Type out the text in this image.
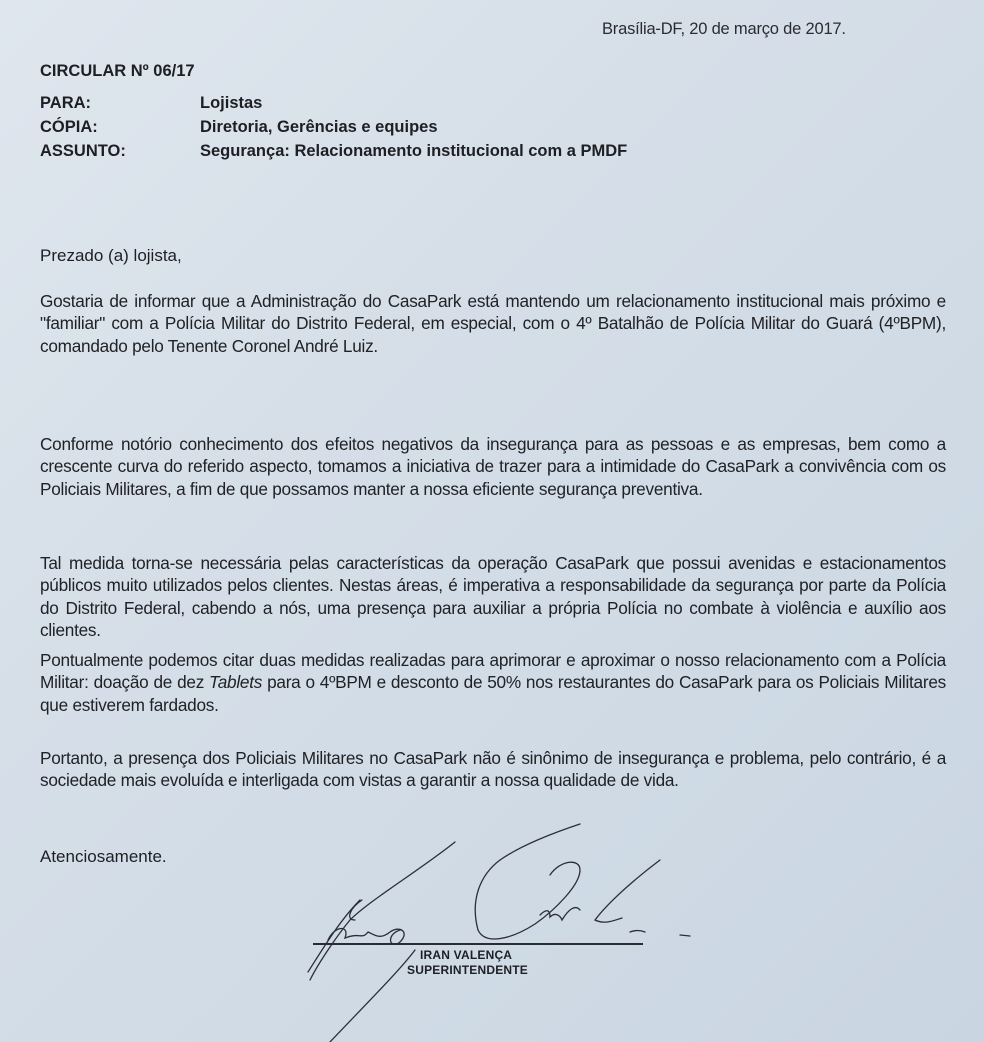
Brasília-DF, 20 de março de 2017.
CIRCULAR Nº 06/17
PARA:	Lojistas
CÓPIA:	Diretoria, Gerências e equipes
ASSUNTO:	Segurança: Relacionamento institucional com a PMDF
Prezado (a) lojista,

Gostaria de informar que a Administração do CasaPark está mantendo um relacionamento institucional mais próximo e "familiar" com a Polícia Militar do Distrito Federal, em especial, com o 4º Batalhão de Polícia Militar do Guará (4ºBPM), comandado pelo Tenente Coronel André Luiz.

Conforme notório conhecimento dos efeitos negativos da insegurança para as pessoas e as empresas, bem como a crescente curva do referido aspecto, tomamos a iniciativa de trazer para a intimidade do CasaPark a convivência com os Policiais Militares, a fim de que possamos manter a nossa eficiente segurança preventiva.

Tal medida torna-se necessária pelas características da operação CasaPark que possui avenidas e estacionamentos públicos muito utilizados pelos clientes. Nestas áreas, é imperativa a responsabilidade da segurança por parte da Polícia do Distrito Federal, cabendo a nós, uma presença para auxiliar a própria Polícia no combate à violência e auxílio aos clientes.

Pontualmente podemos citar duas medidas realizadas para aprimorar e aproximar o nosso relacionamento com a Polícia Militar: doação de dez Tablets para o 4ºBPM e desconto de 50% nos restaurantes do CasaPark para os Policiais Militares que estiverem fardados.

Portanto, a presença dos Policiais Militares no CasaPark não é sinônimo de insegurança e problema, pelo contrário, é a sociedade mais evoluída e interligada com vistas a garantir a nossa qualidade de vida.

Atenciosamente.
IRAN VALENÇA
SUPERINTENDENTE
